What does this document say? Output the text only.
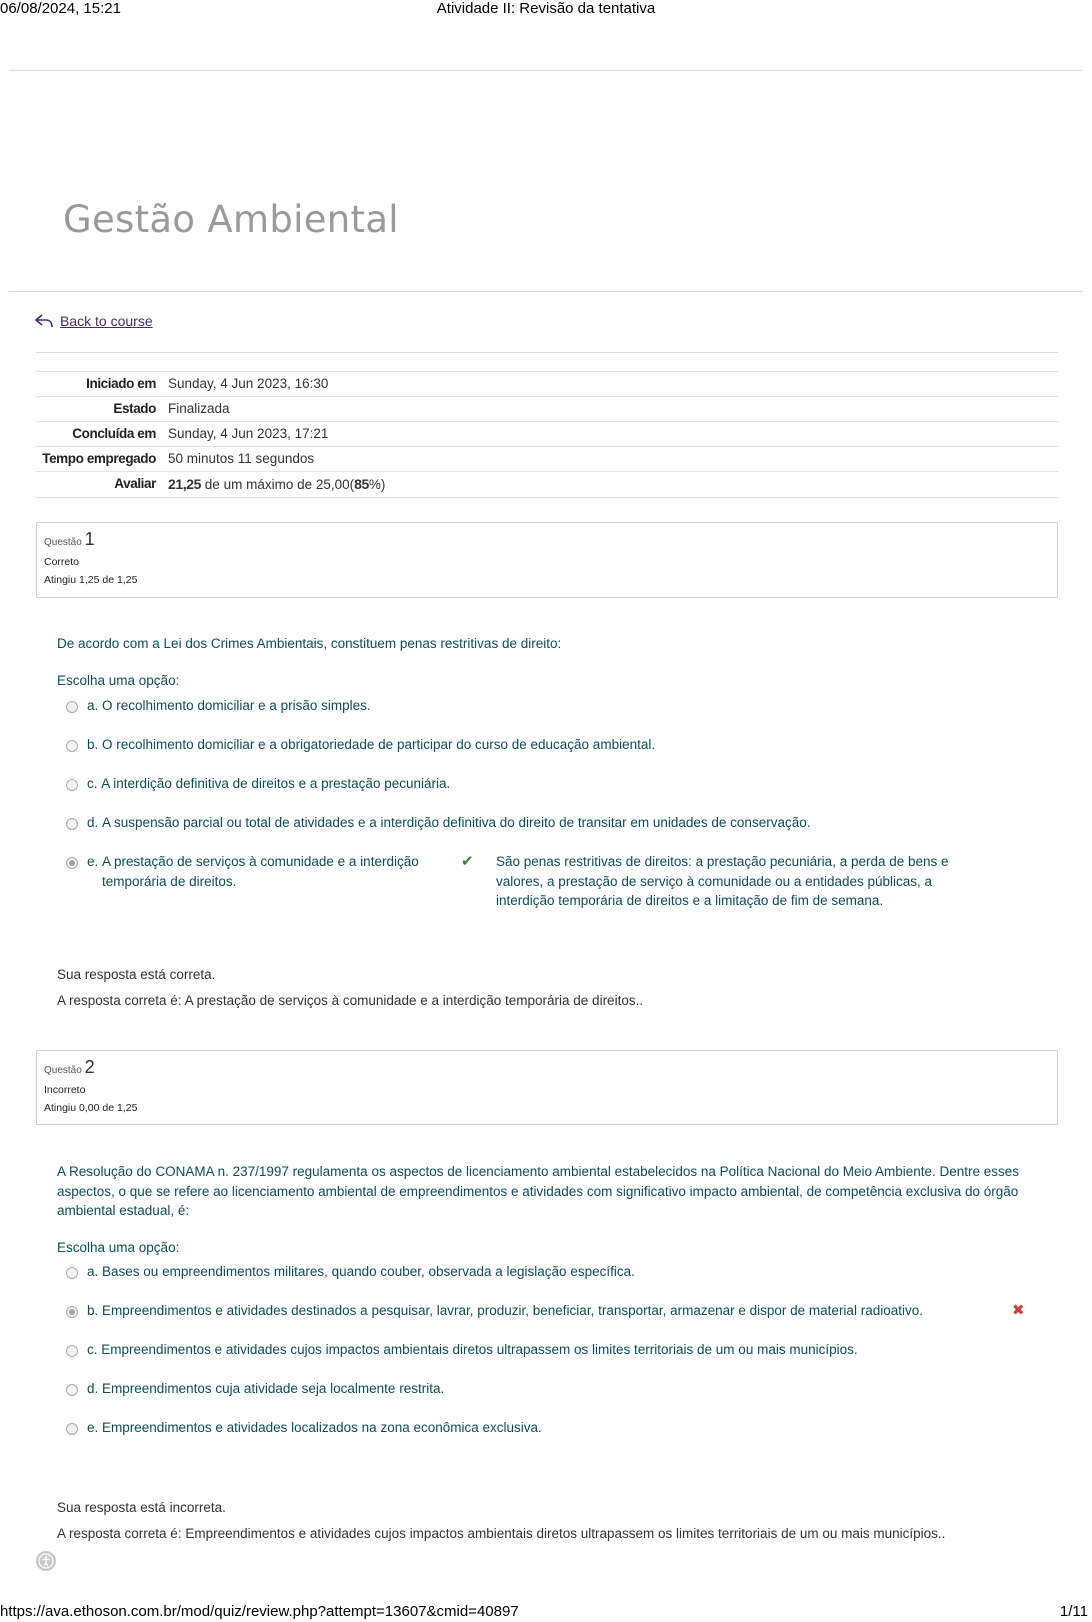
06/08/2024, 15:21	Atividade II: Revisão da tentativa
Gestão Ambiental
Back to course
Iniciado em	Sunday, 4 Jun 2023, 16:30
Estado	Finalizada
Concluída em	Sunday, 4 Jun 2023, 17:21
Tempo empregado	50 minutos 11 segundos
Avaliar	21,25 de um máximo de 25,00(85%)
Questão 1
Correto
Atingiu 1,25 de 1,25
De acordo com a Lei dos Crimes Ambientais, constituem penas restritivas de direito:
Escolha uma opção:
a.
O recolhimento domiciliar e a prisão simples.
b.
O recolhimento domiciliar e a obrigatoriedade de participar do curso de educação ambiental.
c.
A interdição definitiva de direitos e a prestação pecuniária.
d.
A suspensão parcial ou total de atividades e a interdição definitiva do direito de transitar em unidades de conservação.
e.
A prestação de serviços à comunidade e a interdição temporária de direitos.
✔ São penas restritivas de direitos: a prestação pecuniária, a perda de bens e valores, a prestação de serviço à comunidade ou a entidades públicas, a interdição temporária de direitos e a limitação de fim de semana.
Sua resposta está correta.
A resposta correta é: A prestação de serviços à comunidade e a interdição temporária de direitos..
Questão 2
Incorreto
Atingiu 0,00 de 1,25
A Resolução do CONAMA n. 237/1997 regulamenta os aspectos de licenciamento ambiental estabelecidos na Política Nacional do Meio Ambiente. Dentre esses aspectos, o que se refere ao licenciamento ambiental de empreendimentos e atividades com significativo impacto ambiental, de competência exclusiva do órgão ambiental estadual, é:
Escolha uma opção:
a.
Bases ou empreendimentos militares, quando couber, observada a legislação específica.
b.
Empreendimentos e atividades destinados a pesquisar, lavrar, produzir, beneficiar, transportar, armazenar e dispor de material radioativo.	✖
c.
Empreendimentos e atividades cujos impactos ambientais diretos ultrapassem os limites territoriais de um ou mais municípios.
d.
Empreendimentos cuja atividade seja localmente restrita.
e.
Empreendimentos e atividades localizados na zona econômica exclusiva.
Sua resposta está incorreta.
A resposta correta é: Empreendimentos e atividades cujos impactos ambientais diretos ultrapassem os limites territoriais de um ou mais municípios..
https://ava.ethoson.com.br/mod/quiz/review.php?attempt=13607&cmid=40897	1/11
